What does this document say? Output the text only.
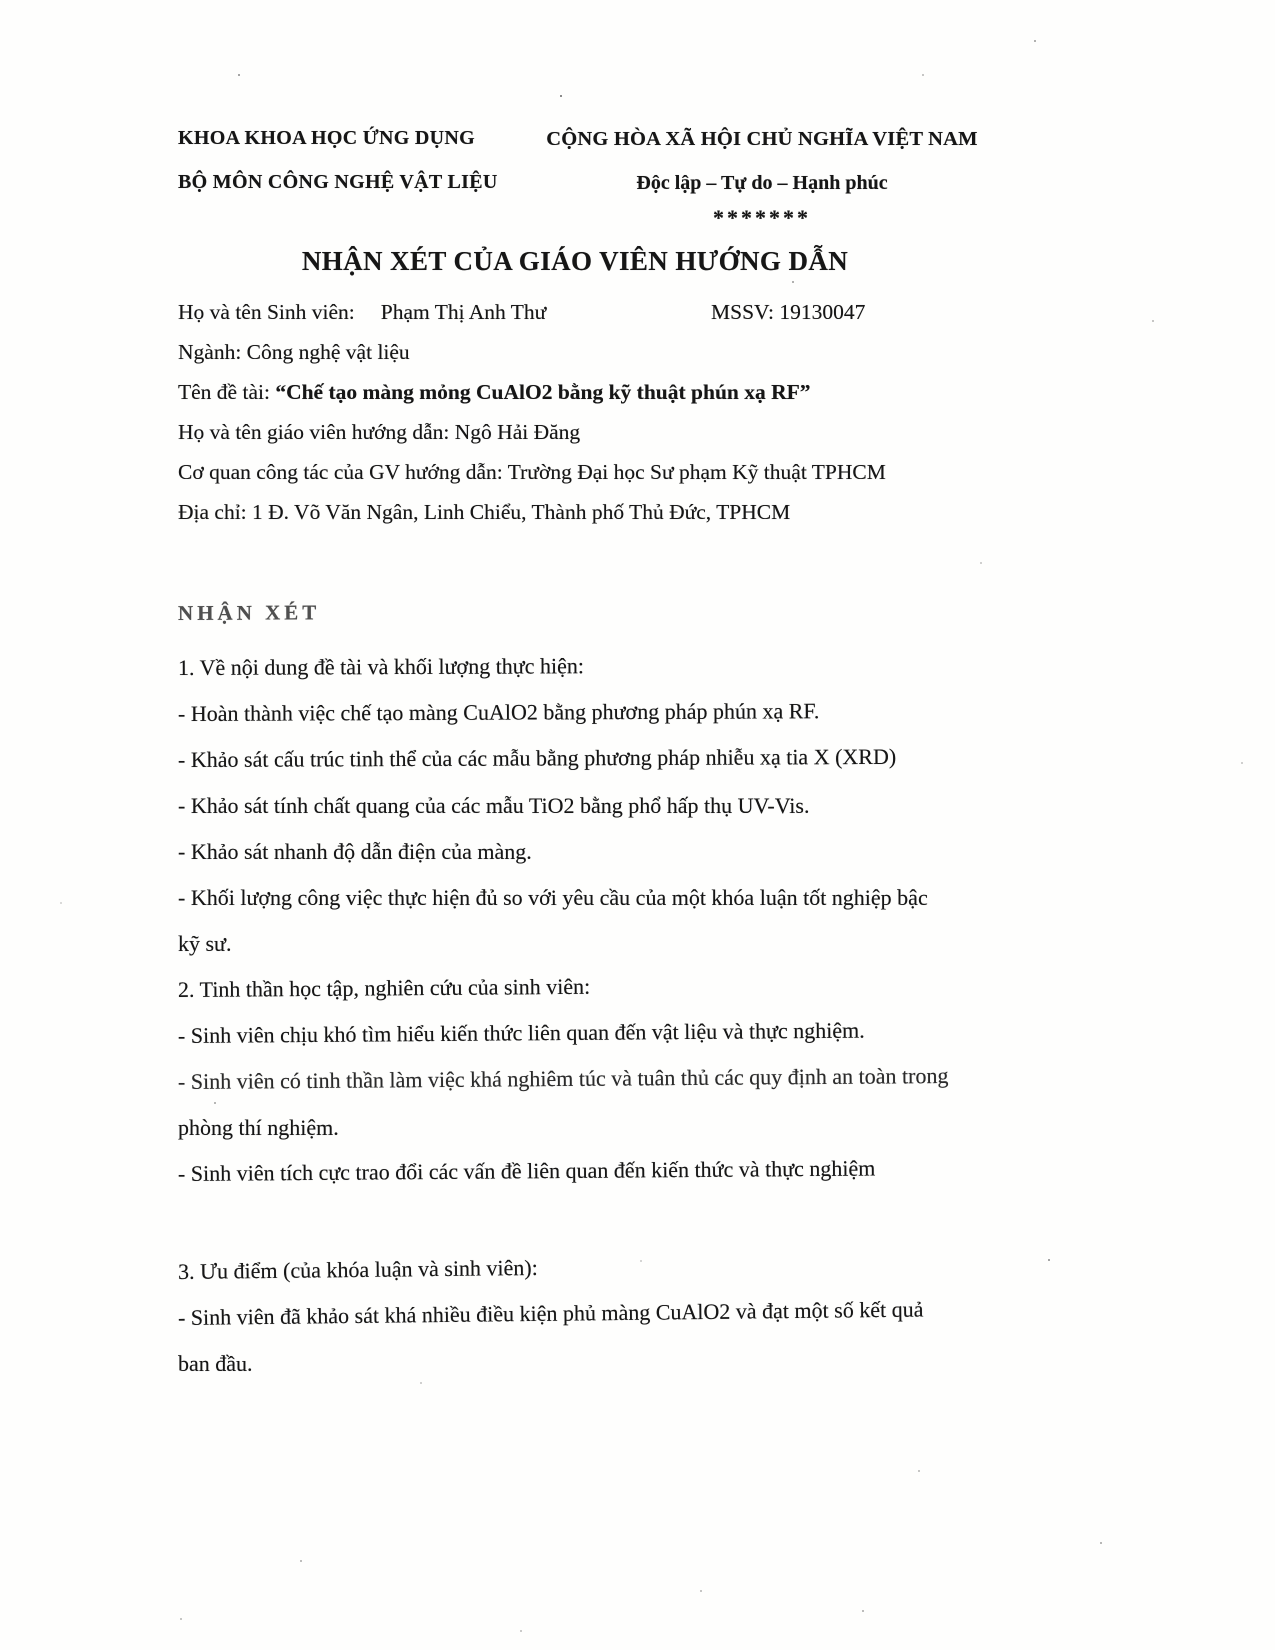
KHOA KHOA HỌC ỨNG DỤNG
BỘ MÔN CÔNG NGHỆ VẬT LIỆU
CỘNG HÒA XÃ HỘI CHỦ NGHĨA VIỆT NAM
Độc lập – Tự do – Hạnh phúc
*******
NHẬN XÉT CỦA GIÁO VIÊN HƯỚNG DẪN
Họ và tên Sinh viên: Phạm Thị Anh Thư	MSSV: 19130047
Ngành: Công nghệ vật liệu
Tên đề tài: “Chế tạo màng mỏng CuAlO2 bằng kỹ thuật phún xạ RF”
Họ và tên giáo viên hướng dẫn: Ngô Hải Đăng
Cơ quan công tác của GV hướng dẫn: Trường Đại học Sư phạm Kỹ thuật TPHCM
Địa chỉ: 1 Đ. Võ Văn Ngân, Linh Chiểu, Thành phố Thủ Đức, TPHCM
NHẬN XÉT
1. Về nội dung đề tài và khối lượng thực hiện:
- Hoàn thành việc chế tạo màng CuAlO2 bằng phương pháp phún xạ RF.
- Khảo sát cấu trúc tinh thể của các mẫu bằng phương pháp nhiễu xạ tia X (XRD)
- Khảo sát tính chất quang của các mẫu TiO2 bằng phổ hấp thụ UV-Vis.
- Khảo sát nhanh độ dẫn điện của màng.
- Khối lượng công việc thực hiện đủ so với yêu cầu của một khóa luận tốt nghiệp bậc
kỹ sư.
2. Tinh thần học tập, nghiên cứu của sinh viên:
- Sinh viên chịu khó tìm hiểu kiến thức liên quan đến vật liệu và thực nghiệm.
- Sinh viên có tinh thần làm việc khá nghiêm túc và tuân thủ các quy định an toàn trong
phòng thí nghiệm.
- Sinh viên tích cực trao đổi các vấn đề liên quan đến kiến thức và thực nghiệm
3. Ưu điểm (của khóa luận và sinh viên):
- Sinh viên đã khảo sát khá nhiều điều kiện phủ màng CuAlO2 và đạt một số kết quả
ban đầu.
